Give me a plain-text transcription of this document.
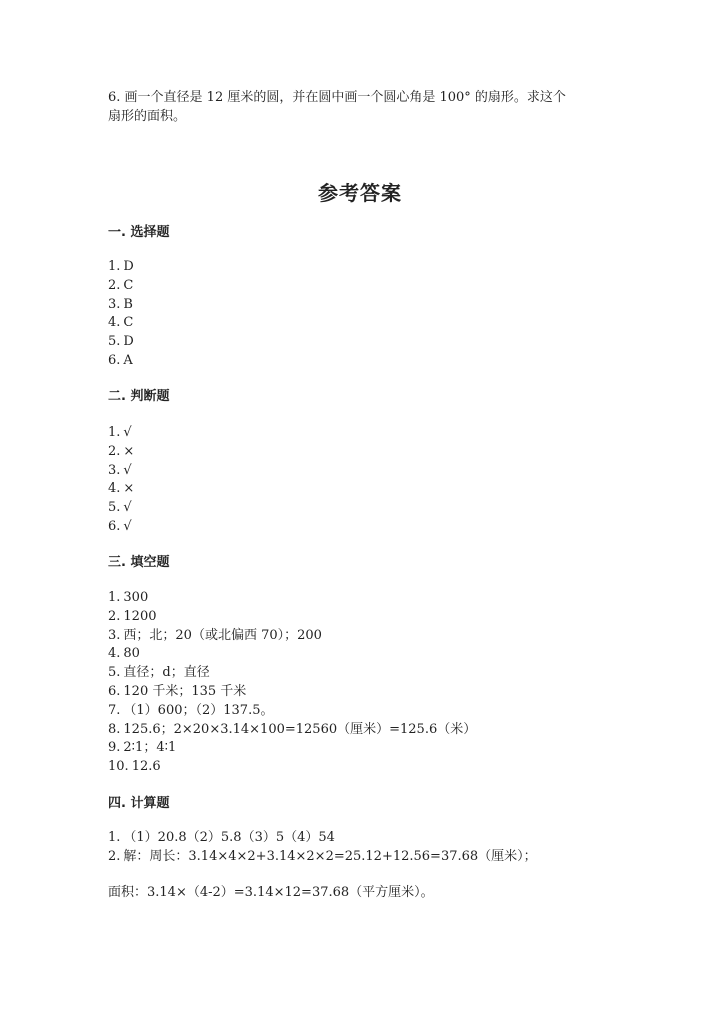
6. 画一个直径是 12 厘米的圆，并在圆中画一个圆心角是 100° 的扇形。求这个
扇形的面积。
参考答案
一. 选择题
1. D
2. C
3. B
4. C
5. D
6. A
二. 判断题
1. √
2. ×
3. √
4. ×
5. √
6. √
三. 填空题
1. 300
2. 1200
3. 西；北；20（或北偏西 70）；200
4. 80
5. 直径；d；直径
6. 120 千米；135 千米
7. （1）600；（2）137.5。
8. 125.6；2×20×3.14×100=12560（厘米）=125.6（米）
9. 2∶1；4∶1
10. 12.6
四. 计算题
1. （1）20.8（2）5.8（3）5（4）54
2. 解：周长：3.14×4×2+3.14×2×2=25.12+12.56=37.68（厘米）；
面积：3.14×（4-2）=3.14×12=37.68（平方厘米）。
